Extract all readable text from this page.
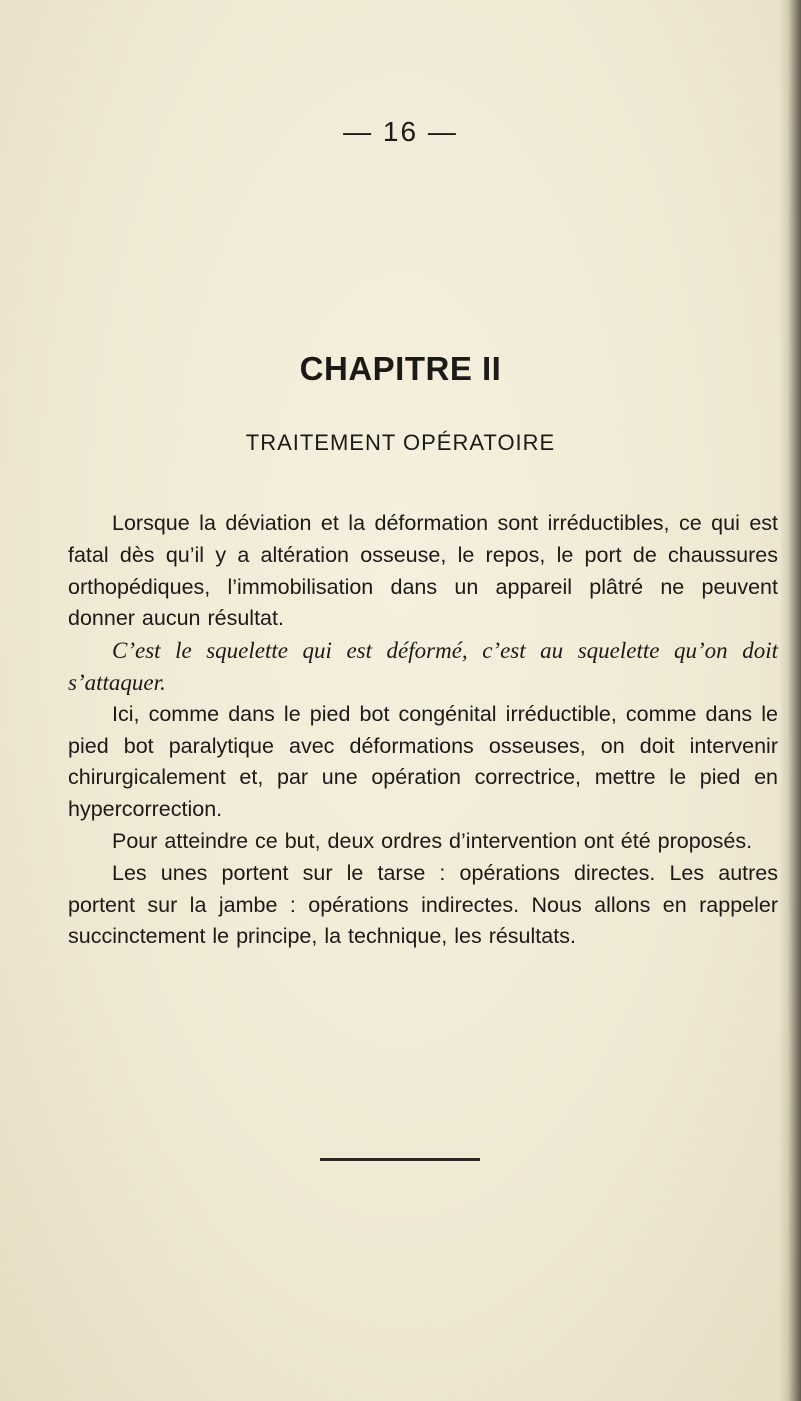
— 16 —
CHAPITRE II
TRAITEMENT OPÉRATOIRE

Lorsque la déviation et la déformation sont irréductibles, ce qui est fatal dès qu’il y a altération osseuse, le repos, le port de chaussures orthopédiques, l’immobilisation dans un appareil plâtré ne peuvent donner aucun résultat.

C’est le squelette qui est déformé, c’est au squelette qu’on doit s’attaquer.

Ici, comme dans le pied bot congénital irréductible, comme dans le pied bot paralytique avec déformations osseuses, on doit intervenir chirurgicalement et, par une opération correctrice, mettre le pied en hypercorrection.

Pour atteindre ce but, deux ordres d’intervention ont été proposés.

Les unes portent sur le tarse : opérations directes. Les autres portent sur la jambe : opérations indirectes. Nous allons en rappeler succinctement le principe, la technique, les résultats.
